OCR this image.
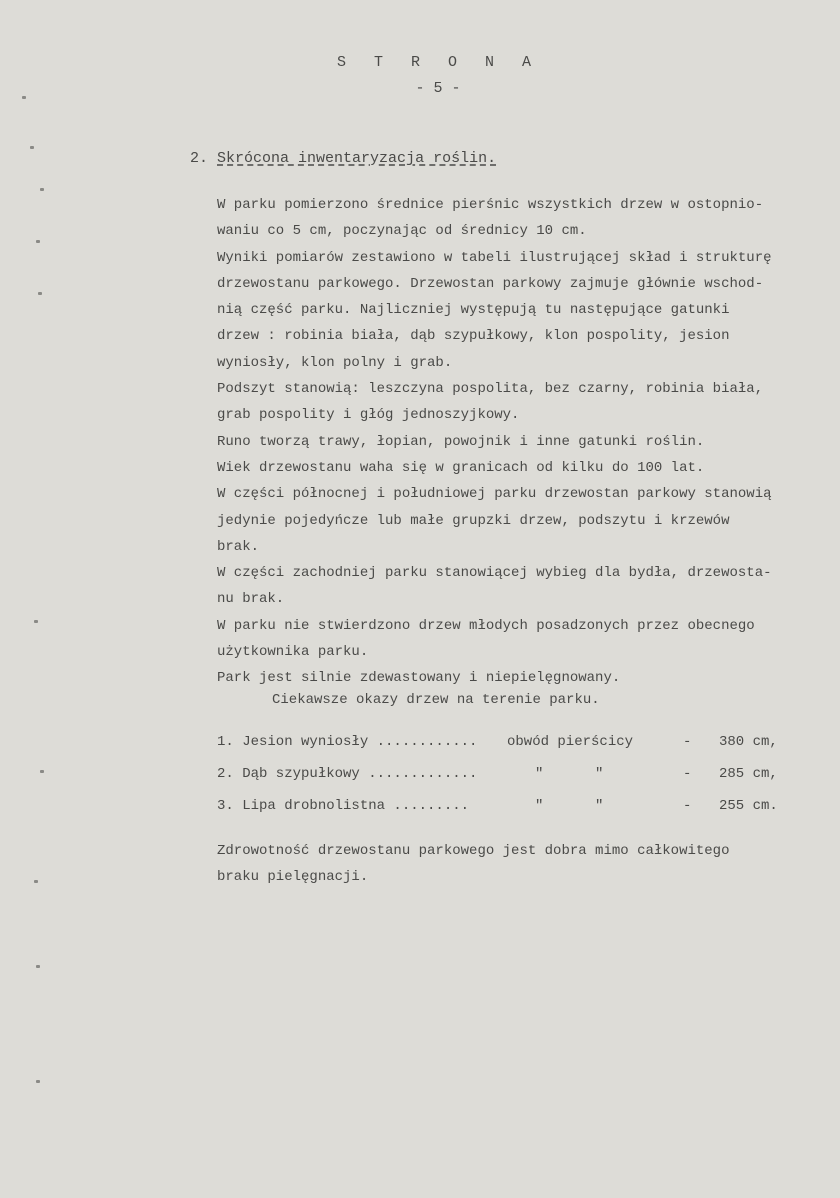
S T R O N A
- 5 -
2. Skrócona inwentaryzacja roślin.
W parku pomierzono średnice pierśnic wszystkich drzew w ostopnio-
waniu co 5 cm, poczynając od średnicy 10 cm.
Wyniki pomiarów zestawiono w tabeli ilustrującej skład i strukturę
drzewostanu parkowego. Drzewostan parkowy zajmuje głównie wschod-
nią część parku. Najliczniej występują tu następujące gatunki
drzew : robinia biała, dąb szypułkowy, klon pospolity, jesion
wyniosły, klon polny i grab.
Podszyt stanowią: leszczyna pospolita, bez czarny, robinia biała,
grab pospolity i głóg jednoszyjkowy.
Runo tworzą trawy, łopian, powojnik i inne gatunki roślin.
Wiek drzewostanu waha się w granicach od kilku do 100 lat.
W części północnej i południowej parku drzewostan parkowy stanowią
jedynie pojedyńcze lub małe grupzki drzew, podszytu i krzewów
brak.
W części zachodniej parku stanowiącej wybieg dla bydła, drzewosta-
nu brak.
W parku nie stwierdzono drzew młodych posadzonych przez obecnego
użytkownika parku.
Park jest silnie zdewastowany i niepielęgnowany.
Ciekawsze okazy drzew na terenie parku.
1. Jesion wyniosły ............ obwód pierścicy	- 380 cm,
2. Dąb szypułkowy .............	"	"	- 285 cm,
3. Lipa drobnolistna .........	"	"	- 255 cm.
Zdrowotność drzewostanu parkowego jest dobra mimo całkowitego
braku pielęgnacji.
